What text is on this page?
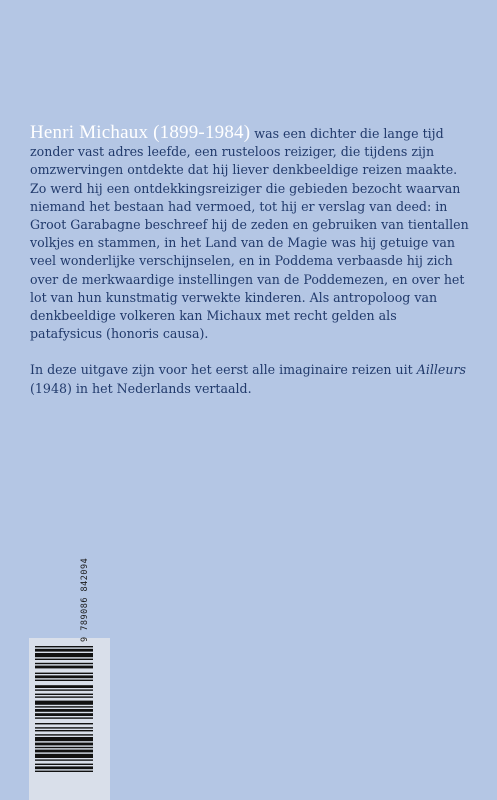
Henri Michaux (1899-1984) was een dichter die lange tijd zonder vast adres leefde, een rusteloos reiziger, die tijdens zijn omzwervingen ontdekte dat hij liever denkbeeldige reizen maakte. Zo werd hij een ontdekkingsreiziger die gebieden bezocht waarvan niemand het bestaan had vermoed, tot hij er verslag van deed: in Groot Garabagne beschreef hij de zeden en gebruiken van tientallen volkjes en stammen, in het Land van de Magie was hij getuige van veel wonderlijke verschijnselen, en in Poddema verbaasde hij zich over de merkwaardige instellingen van de Poddemezen, en over het lot van hun kunstmatig verwekte kinderen. Als antropoloog van denkbeeldige volkeren kan Michaux met recht gelden als patafysicus (honoris causa).

In deze uitgave zijn voor het eerst alle imaginaire reizen uit Ailleurs (1948) in het Nederlands vertaald.

9 789086 842094
